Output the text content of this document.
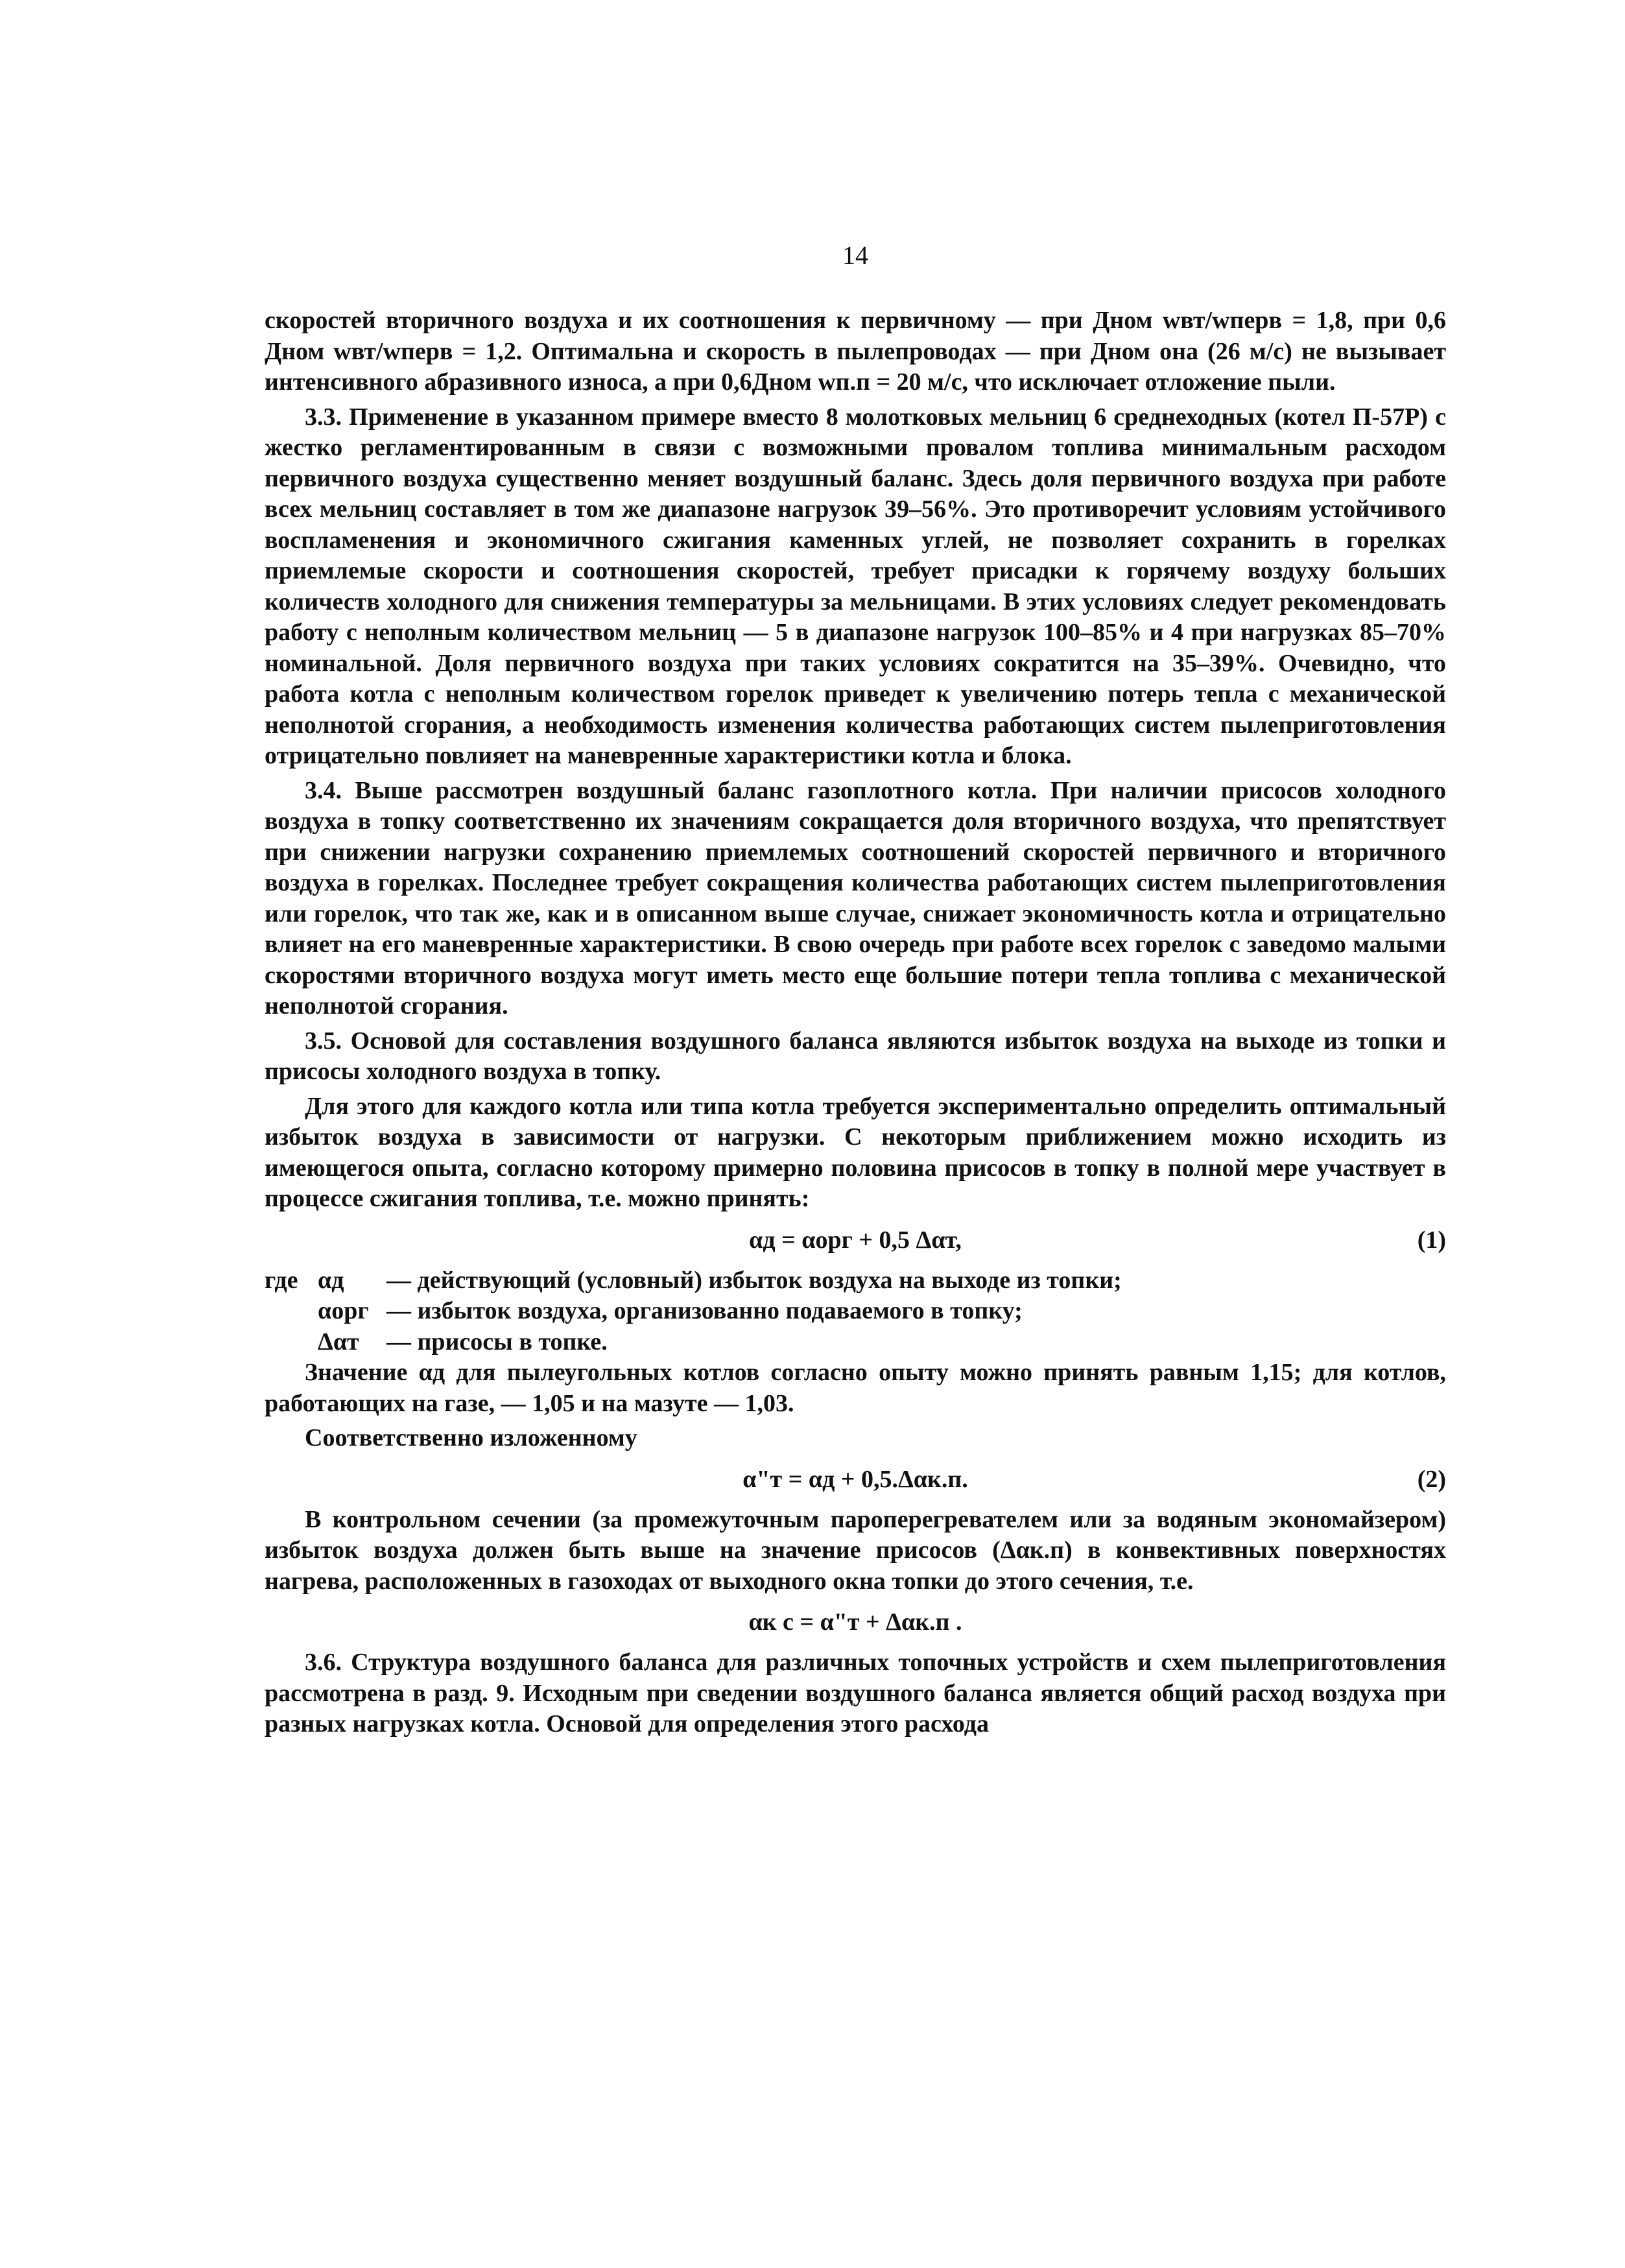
14

скоростей вторичного воздуха и их соотношения к первичному — при Дном wвт/wперв = 1,8, при 0,6 Дном wвт/wперв = 1,2. Оптимальна и скорость в пылепроводах — при Дном она (26 м/с) не вызывает интенсивного абразивного износа, а при 0,6Дном wп.п = 20 м/с, что исключает отложение пыли.

3.3. Применение в указанном примере вместо 8 молотковых мельниц 6 среднеходных (котел П-57Р) с жестко регламентированным в связи с возможными провалом топлива минимальным расходом первичного воздуха существенно меняет воздушный баланс. Здесь доля первичного воздуха при работе всех мельниц составляет в том же диапазоне нагрузок 39–56%. Это противоречит условиям устойчивого воспламенения и экономичного сжигания каменных углей, не позволяет сохранить в горелках приемлемые скорости и соотношения скоростей, требует присадки к горячему воздуху больших количеств холодного для снижения температуры за мельницами. В этих условиях следует рекомендовать работу с неполным количеством мельниц — 5 в диапазоне нагрузок 100–85% и 4 при нагрузках 85–70% номинальной. Доля первичного воздуха при таких условиях сократится на 35–39%. Очевидно, что работа котла с неполным количеством горелок приведет к увеличению потерь тепла с механической неполнотой сгорания, а необходимость изменения количества работающих систем пылеприготовления отрицательно повлияет на маневренные характеристики котла и блока.

3.4. Выше рассмотрен воздушный баланс газоплотного котла. При наличии присосов холодного воздуха в топку соответственно их значениям сокращается доля вторичного воздуха, что препятствует при снижении нагрузки сохранению приемлемых соотношений скоростей первичного и вторичного воздуха в горелках. Последнее требует сокращения количества работающих систем пылеприготовления или горелок, что так же, как и в описанном выше случае, снижает экономичность котла и отрицательно влияет на его маневренные характеристики. В свою очередь при работе всех горелок с заведомо малыми скоростями вторичного воздуха могут иметь место еще большие потери тепла топлива с механической неполнотой сгорания.

3.5. Основой для составления воздушного баланса являются избыток воздуха на выходе из топки и присосы холодного воздуха в топку.

Для этого для каждого котла или типа котла требуется экспериментально определить оптимальный избыток воздуха в зависимости от нагрузки. С некоторым приближением можно исходить из имеющегося опыта, согласно которому примерно половина присосов в топку в полной мере участвует в процессе сжигания топлива, т.е. можно принять:

αд = αорг + 0,5 Δαт,	(1)
где αд	— действующий (условный) избыток воздуха на выходе из топки;
αорг — избыток воздуха, организованно подаваемого в топку;
Δαт	— присосы в топке.

Значение αд для пылеугольных котлов согласно опыту можно принять равным 1,15; для котлов, работающих на газе, — 1,05 и на мазуте — 1,03.

Соответственно изложенному

α"т = αд + 0,5.Δαк.п.	(2)

В контрольном сечении (за промежуточным пароперегревателем или за водяным экономайзером) избыток воздуха должен быть выше на значение присосов (Δαк.п) в конвективных поверхностях нагрева, расположенных в газоходах от выходного окна топки до этого сечения, т.е.

αк с = α"т + Δαк.п .

3.6. Структура воздушного баланса для различных топочных устройств и схем пылеприготовления рассмотрена в разд. 9. Исходным при сведении воздушного баланса является общий расход воздуха при разных нагрузках котла. Основой для определения этого расхода
